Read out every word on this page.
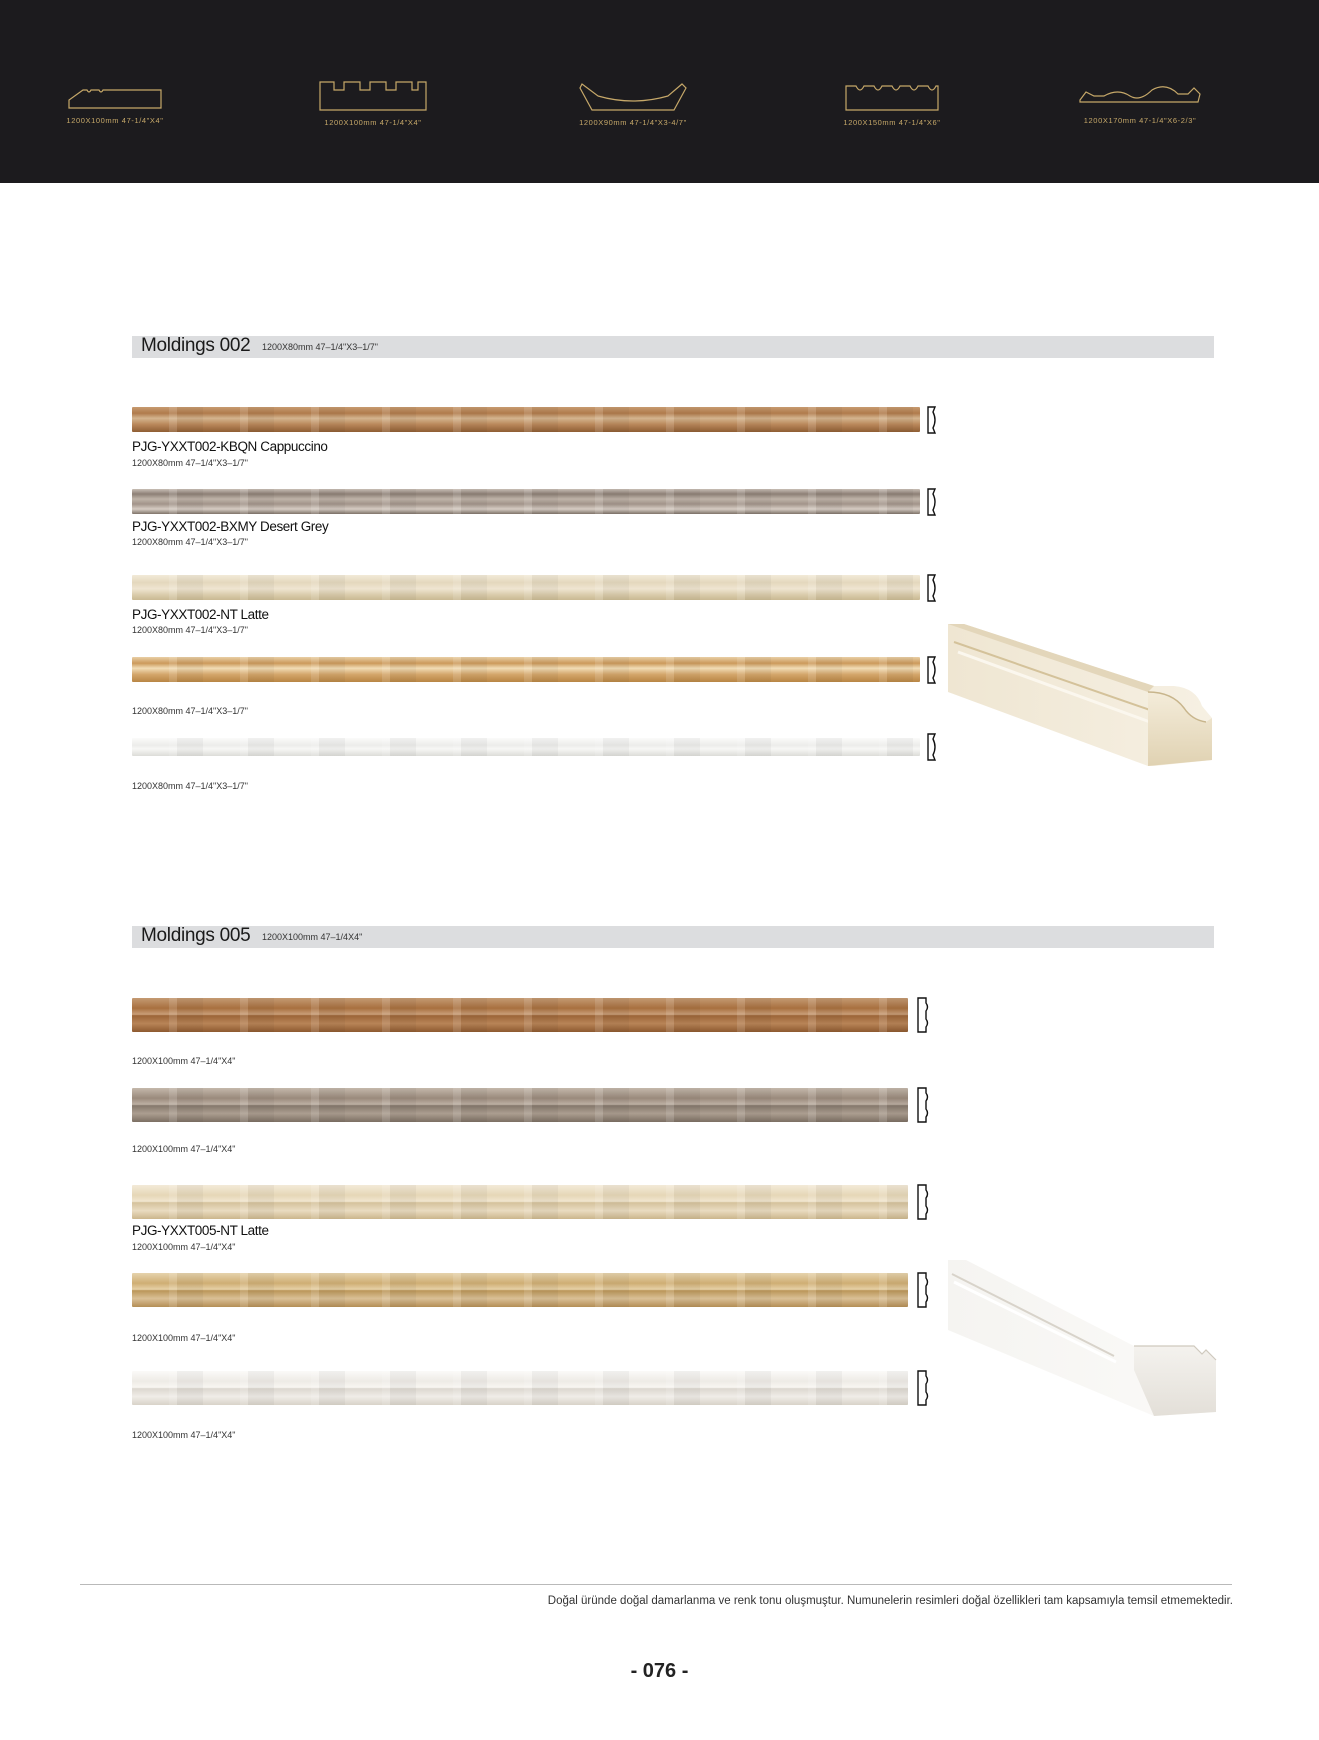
1200X100mm 47-1/4"X4"	1200X100mm 47-1/4"X4"	1200X90mm 47-1/4"X3-4/7"	1200X150mm 47-1/4"X6"	1200X170mm 47-1/4"X6-2/3"
Moldings 002 1200X80mm 47–1/4"X3–1/7"
PJG-YXXT002-KBQN Cappuccino
1200X80mm 47–1/4"X3–1/7"
PJG-YXXT002-BXMY Desert Grey
1200X80mm 47–1/4"X3–1/7"
PJG-YXXT002-NT Latte
1200X80mm 47–1/4"X3–1/7"
1200X80mm 47–1/4"X3–1/7"
1200X80mm 47–1/4"X3–1/7"
Moldings 005 1200X100mm 47–1/4X4"
1200X100mm 47–1/4"X4"
1200X100mm 47–1/4"X4"
PJG-YXXT005-NT Latte
1200X100mm 47–1/4"X4"
1200X100mm 47–1/4"X4"
1200X100mm 47–1/4"X4"
Doğal üründe doğal damarlanma ve renk tonu oluşmuştur. Numunelerin resimleri doğal özellikleri tam kapsamıyla temsil etmemektedir.
- 076 -
